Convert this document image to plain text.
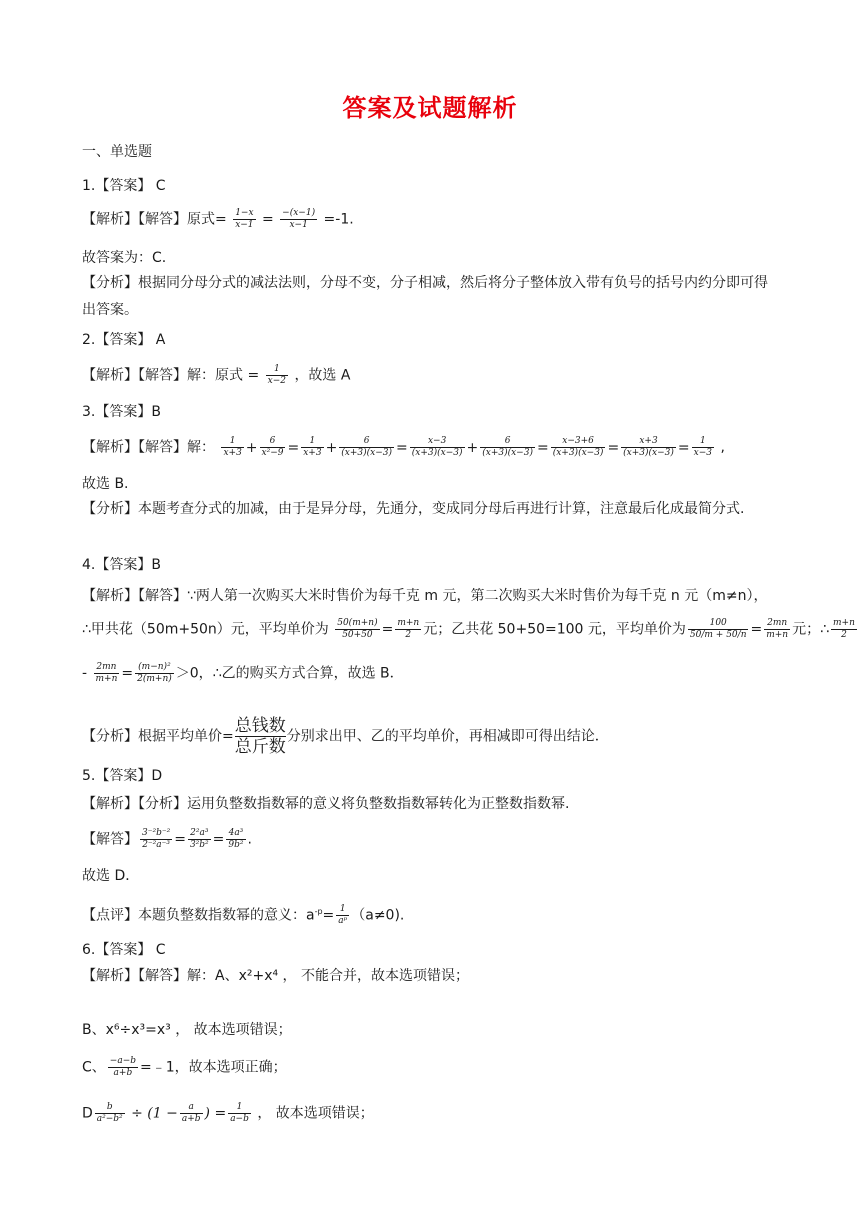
答案及试题解析
一、单选题
1.【答案】 C
【解析】【解答】原式= $\frac{1-x}{x-1} = \frac{-(x-1)}{x-1} =-1$.
故答案为：C.
【分析】根据同分母分式的减法法则，分母不变，分子相减，然后将分子整体放入带有负号的括号内约分即可得出答案。
2.【答案】 A
【解析】【解答】解：原式 = $\frac{1}{x-2}$ ，故选 A
3.【答案】B
【解析】【解答】解： $\frac{1}{x+3} + \frac{6}{\text{x²−9}} = \frac{1}{x+3} + \frac{6}{(x+3)(x-3)} = \frac{x-3}{(x+3)(x-3)} + \frac{6}{(x+3)(x-3)} = \frac{x-3+6}{(x+3)(x-3)} = \frac{x+3}{(x+3)(x-3)} = \frac{1}{x-3}$ ,
故选 B.
【分析】本题考查分式的加减，由于是异分母，先通分，变成同分母后再进行计算，注意最后化成最简分式.
4.【答案】B
【解析】【解答】∵两人第一次购买大米时售价为每千克 m 元，第二次购买大米时售价为每千克 n 元（m≠n），
∴甲共花（50m+50n）元，平均单价为 $\frac{50(m+n)}{50+50} = \frac{m+n}{2}$ 元；乙共花 50+50=100 元，平均单价为 $\frac{100}{50/m + 50/n} = \frac{2mn}{m+n}$ 元；∴ $\frac{m+n}{2}$
- $\frac{2mn}{m+n} = \frac{\text{(m−n)²}}{2(m+n)} >0$，∴乙的购买方式合算，故选 B．
【分析】根据平均单价= $\frac{\text{总钱数}}{\text{总斤数}}$ 分别求出甲、乙的平均单价，再相减即可得出结论．
5.【答案】D
【解析】【分析】运用负整数指数幂的意义将负整数指数幂转化为正整数指数幂.
【解答】 $\frac{\text{3⁻²b⁻²}}{\text{2⁻²a⁻³}} = \frac{\text{2²a³}}{\text{3²b²}} = \frac{\text{4a³}}{\text{9b²}}$ .
故选 D．
【点评】本题负整数指数幂的意义：$a^{-p}= \frac{1}{\text{aᵖ}} (a\ne 0)$.
6.【答案】 C
【解析】【解答】解：A、x²+x⁴ ， 不能合并，故本选项错误；
B、x⁶÷x³=x³ ， 故本选项错误；
C、 $\frac{-a-b}{a+b}$ =﹣1，故本选项正确；
D $\frac{b}{\text{a²−b²}} \div (1 - \frac{a}{a+b}$ ) = $\frac{1}{a-b}$ ， 故本选项错误；
